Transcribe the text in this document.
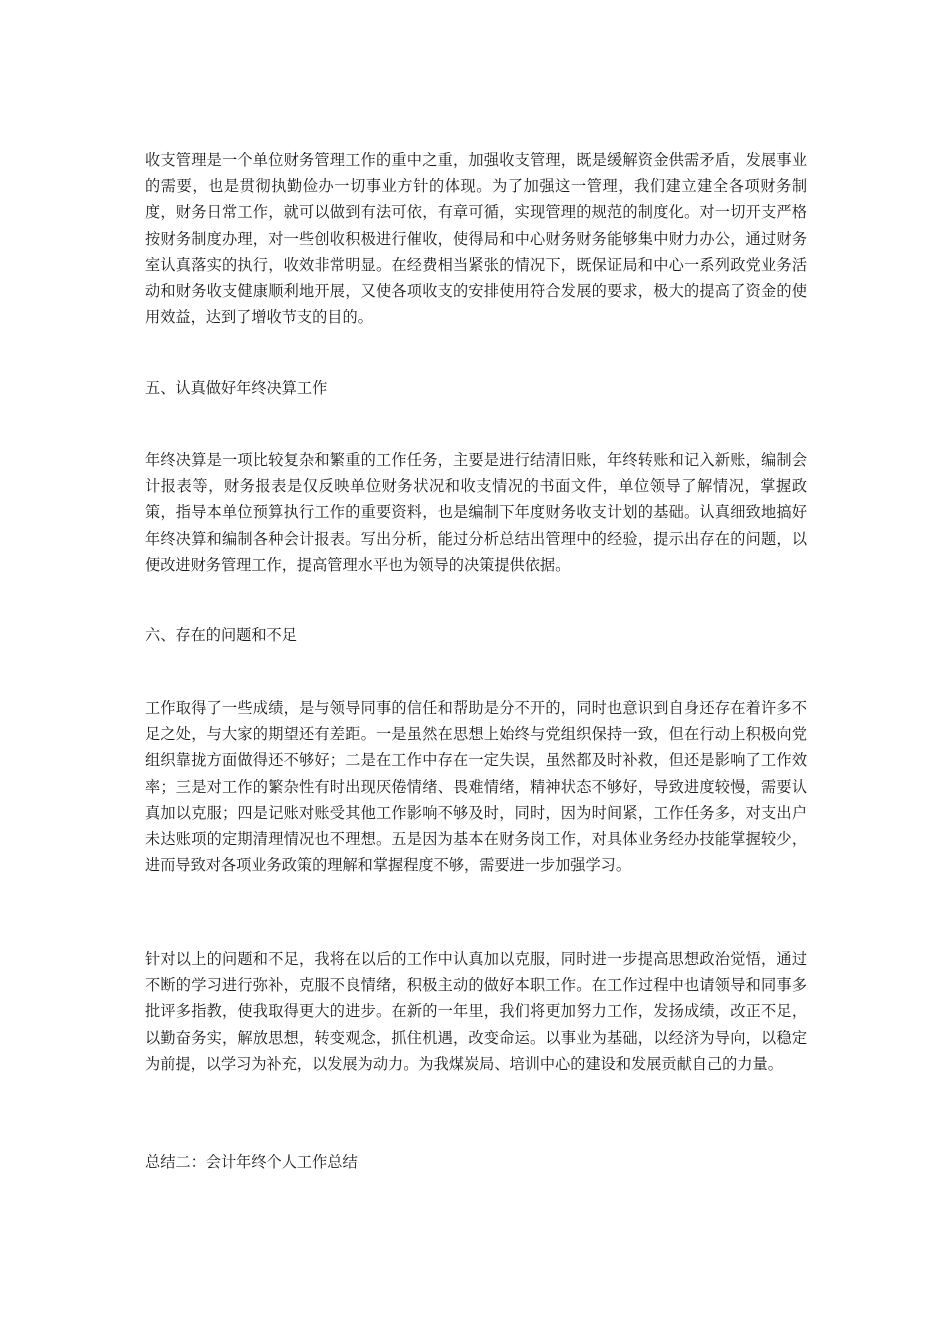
收支管理是一个单位财务管理工作的重中之重，加强收支管理，既是缓解资金供需矛盾，发展事业的需要，也是贯彻执勤俭办一切事业方针的体现。为了加强这一管理，我们建立建全各项财务制度，财务日常工作，就可以做到有法可依，有章可循，实现管理的规范的制度化。对一切开支严格按财务制度办理，对一些创收积极进行催收，使得局和中心财务财务能够集中财力办公，通过财务室认真落实的执行，收效非常明显。在经费相当紧张的情况下，既保证局和中心一系列政党业务活动和财务收支健康顺利地开展，又使各项收支的安排使用符合发展的要求，极大的提高了资金的使用效益，达到了增收节支的目的。

五、认真做好年终决算工作

年终决算是一项比较复杂和繁重的工作任务，主要是进行结清旧账，年终转账和记入新账，编制会计报表等，财务报表是仅反映单位财务状况和收支情况的书面文件，单位领导了解情况，掌握政策，指导本单位预算执行工作的重要资料，也是编制下年度财务收支计划的基础。认真细致地搞好年终决算和编制各种会计报表。写出分析，能过分析总结出管理中的经验，提示出存在的问题，以便改进财务管理工作，提高管理水平也为领导的决策提供依据。

六、存在的问题和不足

工作取得了一些成绩，是与领导同事的信任和帮助是分不开的，同时也意识到自身还存在着许多不足之处，与大家的期望还有差距。一是虽然在思想上始终与党组织保持一致，但在行动上积极向党组织靠拢方面做得还不够好；二是在工作中存在一定失误，虽然都及时补救，但还是影响了工作效率；三是对工作的繁杂性有时出现厌倦情绪、畏难情绪，精神状态不够好，导致进度较慢，需要认真加以克服；四是记账对账受其他工作影响不够及时，同时，因为时间紧，工作任务多，对支出户未达账项的定期清理情况也不理想。五是因为基本在财务岗工作，对具体业务经办技能掌握较少，进而导致对各项业务政策的理解和掌握程度不够，需要进一步加强学习。

针对以上的问题和不足，我将在以后的工作中认真加以克服，同时进一步提高思想政治觉悟，通过不断的学习进行弥补，克服不良情绪，积极主动的做好本职工作。在工作过程中也请领导和同事多批评多指教，使我取得更大的进步。在新的一年里，我们将更加努力工作，发扬成绩，改正不足，以勤奋务实，解放思想，转变观念，抓住机遇，改变命运。以事业为基础，以经济为导向，以稳定为前提，以学习为补充，以发展为动力。为我煤炭局、培训中心的建设和发展贡献自己的力量。

总结二：会计年终个人工作总结
